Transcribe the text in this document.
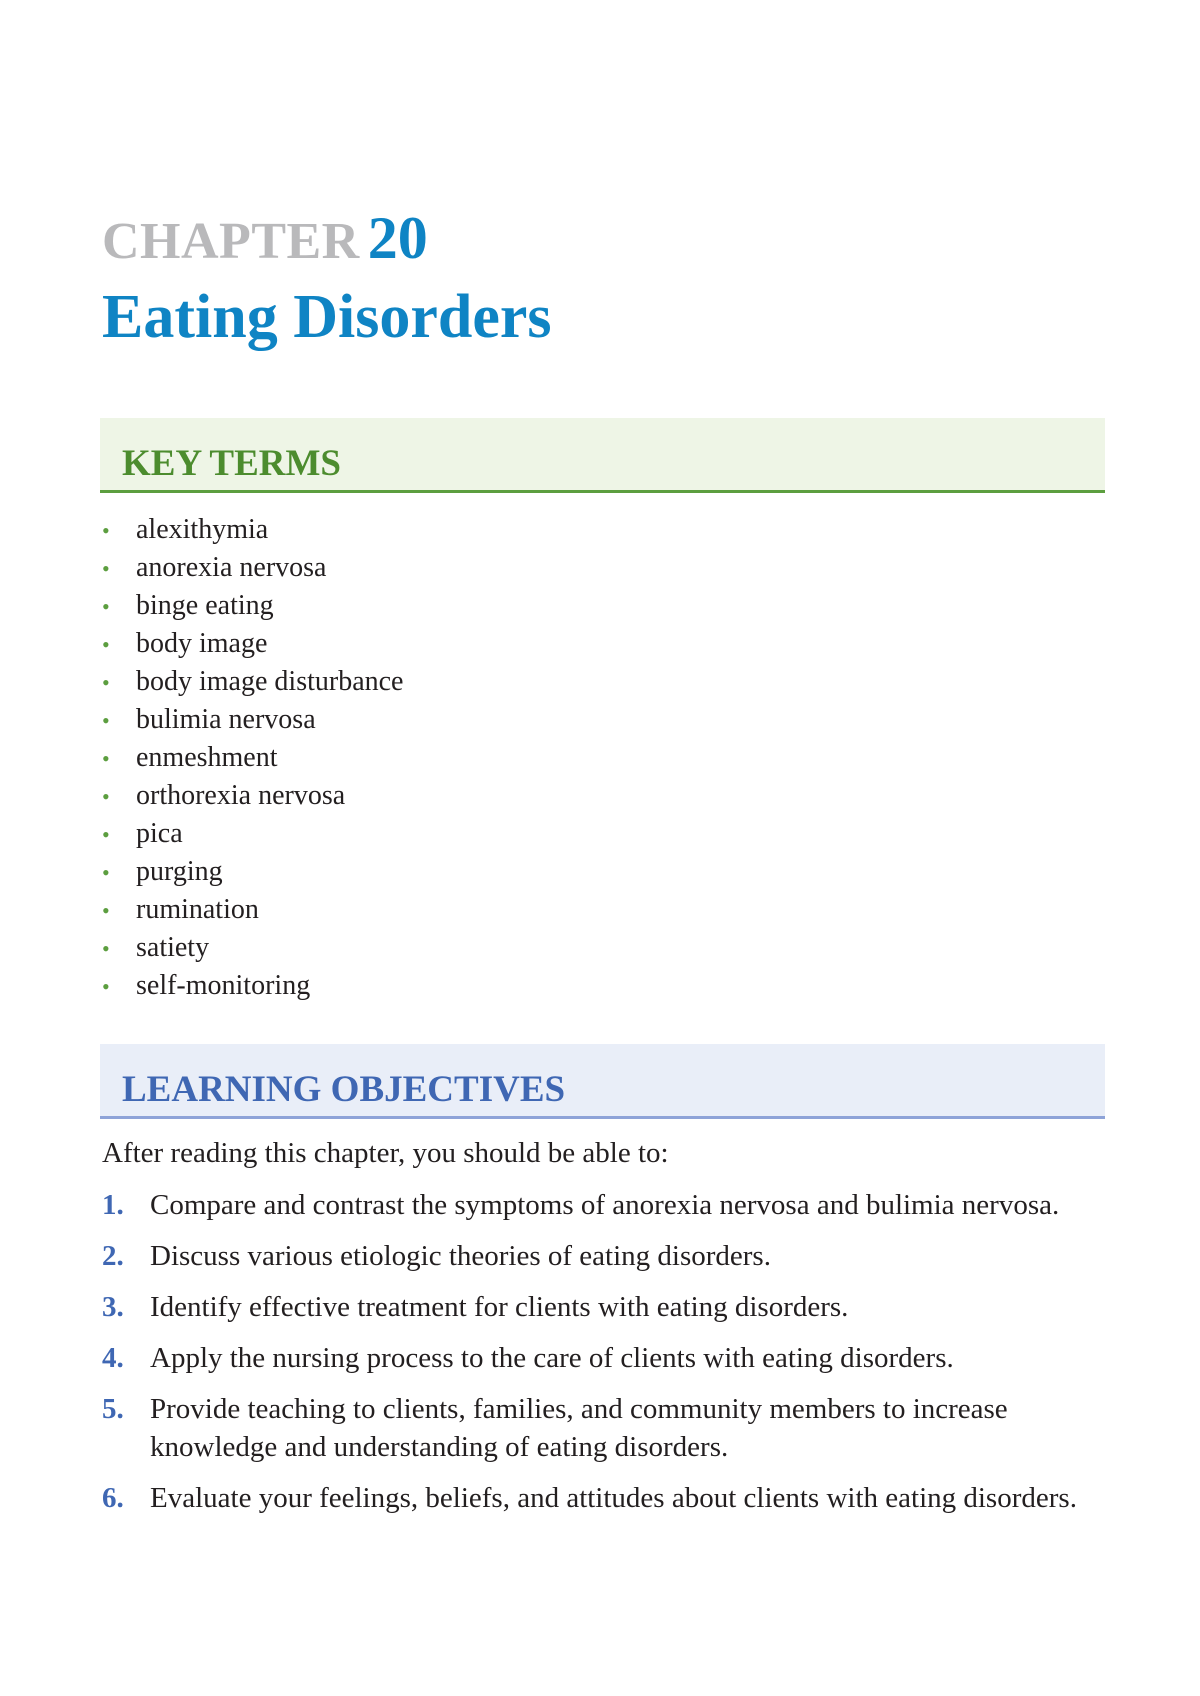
CHAPTER 20
Eating Disorders
KEY TERMS
• alexithymia
• anorexia nervosa
• binge eating
• body image
• body image disturbance
• bulimia nervosa
• enmeshment
• orthorexia nervosa
• pica
• purging
• rumination
• satiety
• self-monitoring
LEARNING OBJECTIVES

After reading this chapter, you should be able to:

1. Compare and contrast the symptoms of anorexia nervosa and bulimia nervosa.
2. Discuss various etiologic theories of eating disorders.
3. Identify effective treatment for clients with eating disorders.
4. Apply the nursing process to the care of clients with eating disorders.
5. Provide teaching to clients, families, and community members to increase knowledge and understanding of eating disorders.
6. Evaluate your feelings, beliefs, and attitudes about clients with eating disorders.
